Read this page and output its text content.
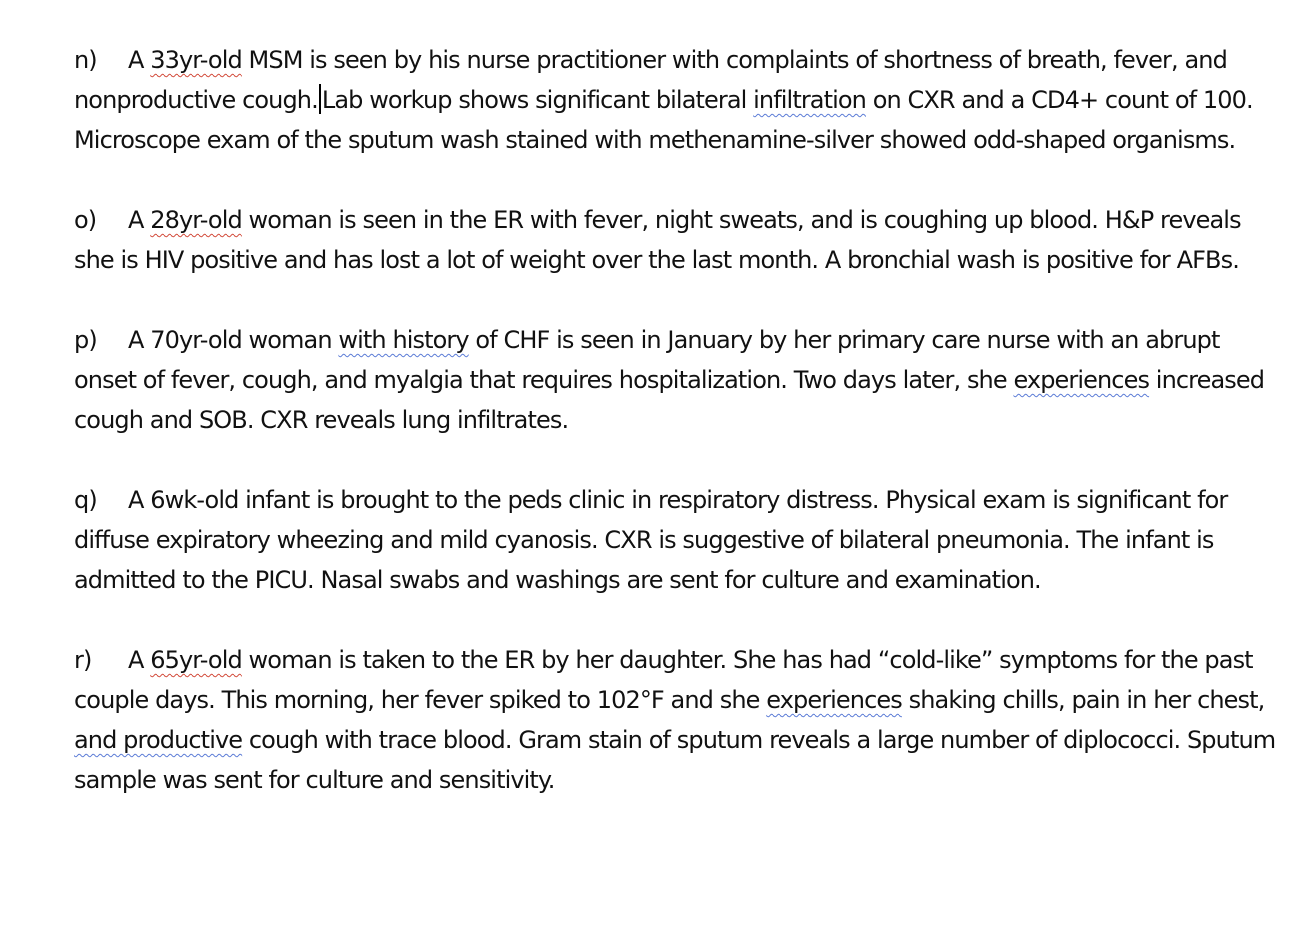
n) A 33yr-old MSM is seen by his nurse practitioner with complaints of shortness of breath, fever, and nonproductive cough. Lab workup shows significant bilateral infiltration on CXR and a CD4+ count of 100. Microscope exam of the sputum wash stained with methenamine-silver showed odd-shaped organisms.

o) A 28yr-old woman is seen in the ER with fever, night sweats, and is coughing up blood. H&P reveals she is HIV positive and has lost a lot of weight over the last month. A bronchial wash is positive for AFBs.

p) A 70yr-old woman with history of CHF is seen in January by her primary care nurse with an abrupt onset of fever, cough, and myalgia that requires hospitalization. Two days later, she experiences increased cough and SOB. CXR reveals lung infiltrates.

q) A 6wk-old infant is brought to the peds clinic in respiratory distress. Physical exam is significant for diffuse expiratory wheezing and mild cyanosis. CXR is suggestive of bilateral pneumonia. The infant is admitted to the PICU. Nasal swabs and washings are sent for culture and examination.

r) A 65yr-old woman is taken to the ER by her daughter. She has had “cold-like” symptoms for the past couple days. This morning, her fever spiked to 102°F and she experiences shaking chills, pain in her chest, and productive cough with trace blood. Gram stain of sputum reveals a large number of diplococci. Sputum sample was sent for culture and sensitivity.
